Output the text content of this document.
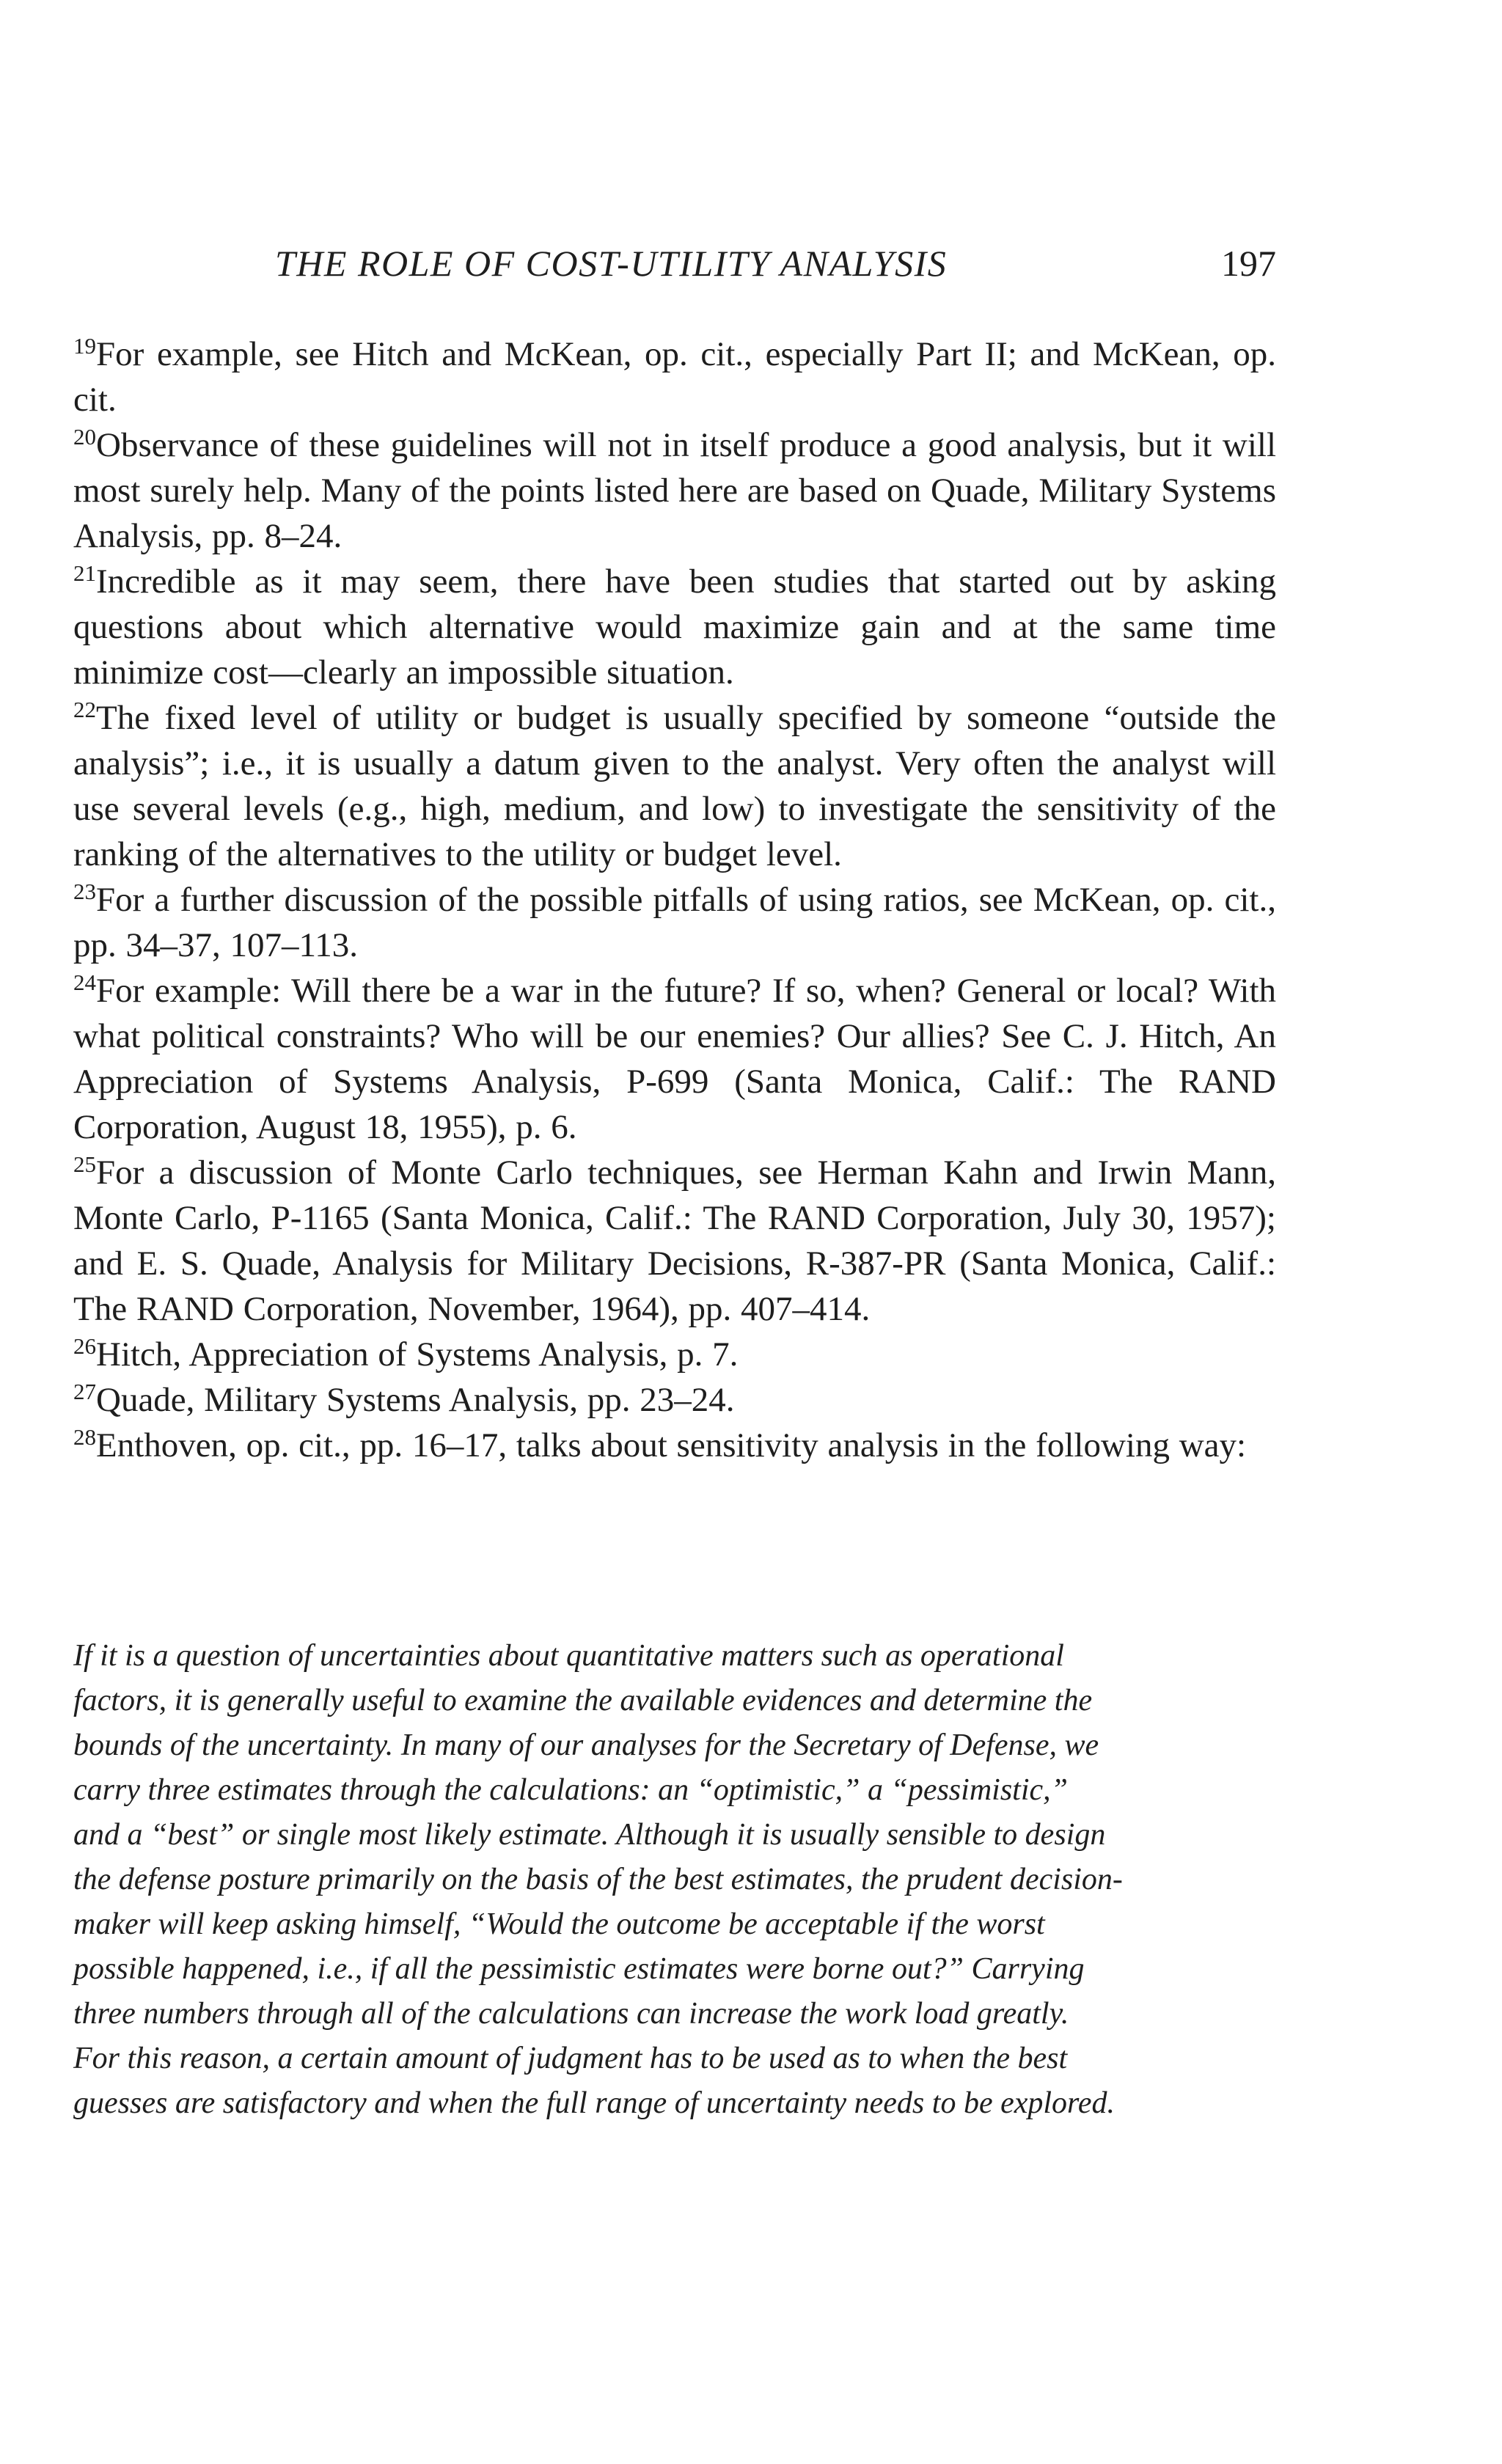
THE ROLE OF COST-UTILITY ANALYSIS	197

$^{19}$For example, see Hitch and McKean, op. cit., especially Part II; and McKean, op. cit.

$^{20}$Observance of these guidelines will not in itself produce a good analysis, but it will most surely help. Many of the points listed here are based on Quade, Military Systems Analysis, pp. 8–24.

$^{21}$Incredible as it may seem, there have been studies that started out by asking questions about which alternative would maximize gain and at the same time minimize cost—clearly an impossible situation.

$^{22}$The fixed level of utility or budget is usually specified by someone “outside the analysis”; i.e., it is usually a datum given to the analyst. Very often the analyst will use several levels (e.g., high, medium, and low) to investigate the sensitivity of the ranking of the alternatives to the utility or budget level.

$^{23}$For a further discussion of the possible pitfalls of using ratios, see McKean, op. cit., pp. 34–37, 107–113.

$^{24}$For example: Will there be a war in the future? If so, when? General or local? With what political constraints? Who will be our enemies? Our allies? See C. J. Hitch, An Appreciation of Systems Analysis, P-699 (Santa Monica, Calif.: The RAND Corporation, August 18, 1955), p. 6.

$^{25}$For a discussion of Monte Carlo techniques, see Herman Kahn and Irwin Mann, Monte Carlo, P-1165 (Santa Monica, Calif.: The RAND Corporation, July 30, 1957); and E. S. Quade, Analysis for Military Decisions, R-387-PR (Santa Monica, Calif.: The RAND Corporation, November, 1964), pp. 407–414.

$^{26}$Hitch, Appreciation of Systems Analysis, p. 7.

$^{27}$Quade, Military Systems Analysis, pp. 23–24.

$^{28}$Enthoven, op. cit., pp. 16–17, talks about sensitivity analysis in the following way:

If it is a question of uncertainties about quantitative matters such as operational
factors, it is generally useful to examine the available evidences and determine the
bounds of the uncertainty. In many of our analyses for the Secretary of Defense, we
carry three estimates through the calculations: an “optimistic,” a “pessimistic,”
and a “best” or single most likely estimate. Although it is usually sensible to design
the defense posture primarily on the basis of the best estimates, the prudent decision-
maker will keep asking himself, “Would the outcome be acceptable if the worst
possible happened, i.e., if all the pessimistic estimates were borne out?” Carrying
three numbers through all of the calculations can increase the work load greatly.
For this reason, a certain amount of judgment has to be used as to when the best
guesses are satisfactory and when the full range of uncertainty needs to be explored.
